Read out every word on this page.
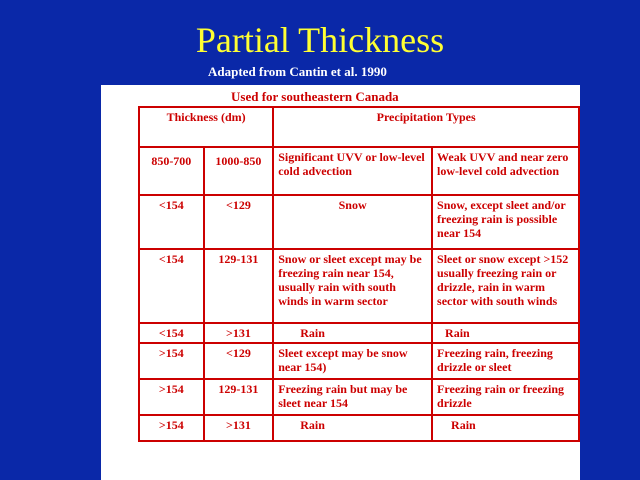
Partial Thickness

Adapted from Cantin et al. 1990

Used for southeastern Canada

Thickness (dm)		Precipitation Types	
850-700	1000-850	Significant UVV or low-level cold advection	Weak UVV and near zero low-level cold advection
<154	<129	Snow	Snow, except sleet and/or freezing rain is possible near 154
<154	129-131	Snow or sleet except may be freezing rain near 154, usually rain with south winds in warm sector	Sleet or snow except >152 usually freezing rain or drizzle, rain in warm sector with south winds
<154	>131	Rain	Rain
>154	<129	Sleet except may be snow near 154)	Freezing rain, freezing drizzle or sleet
>154	129-131	Freezing rain but may be sleet near 154	Freezing rain or freezing drizzle
>154	>131	Rain	Rain
